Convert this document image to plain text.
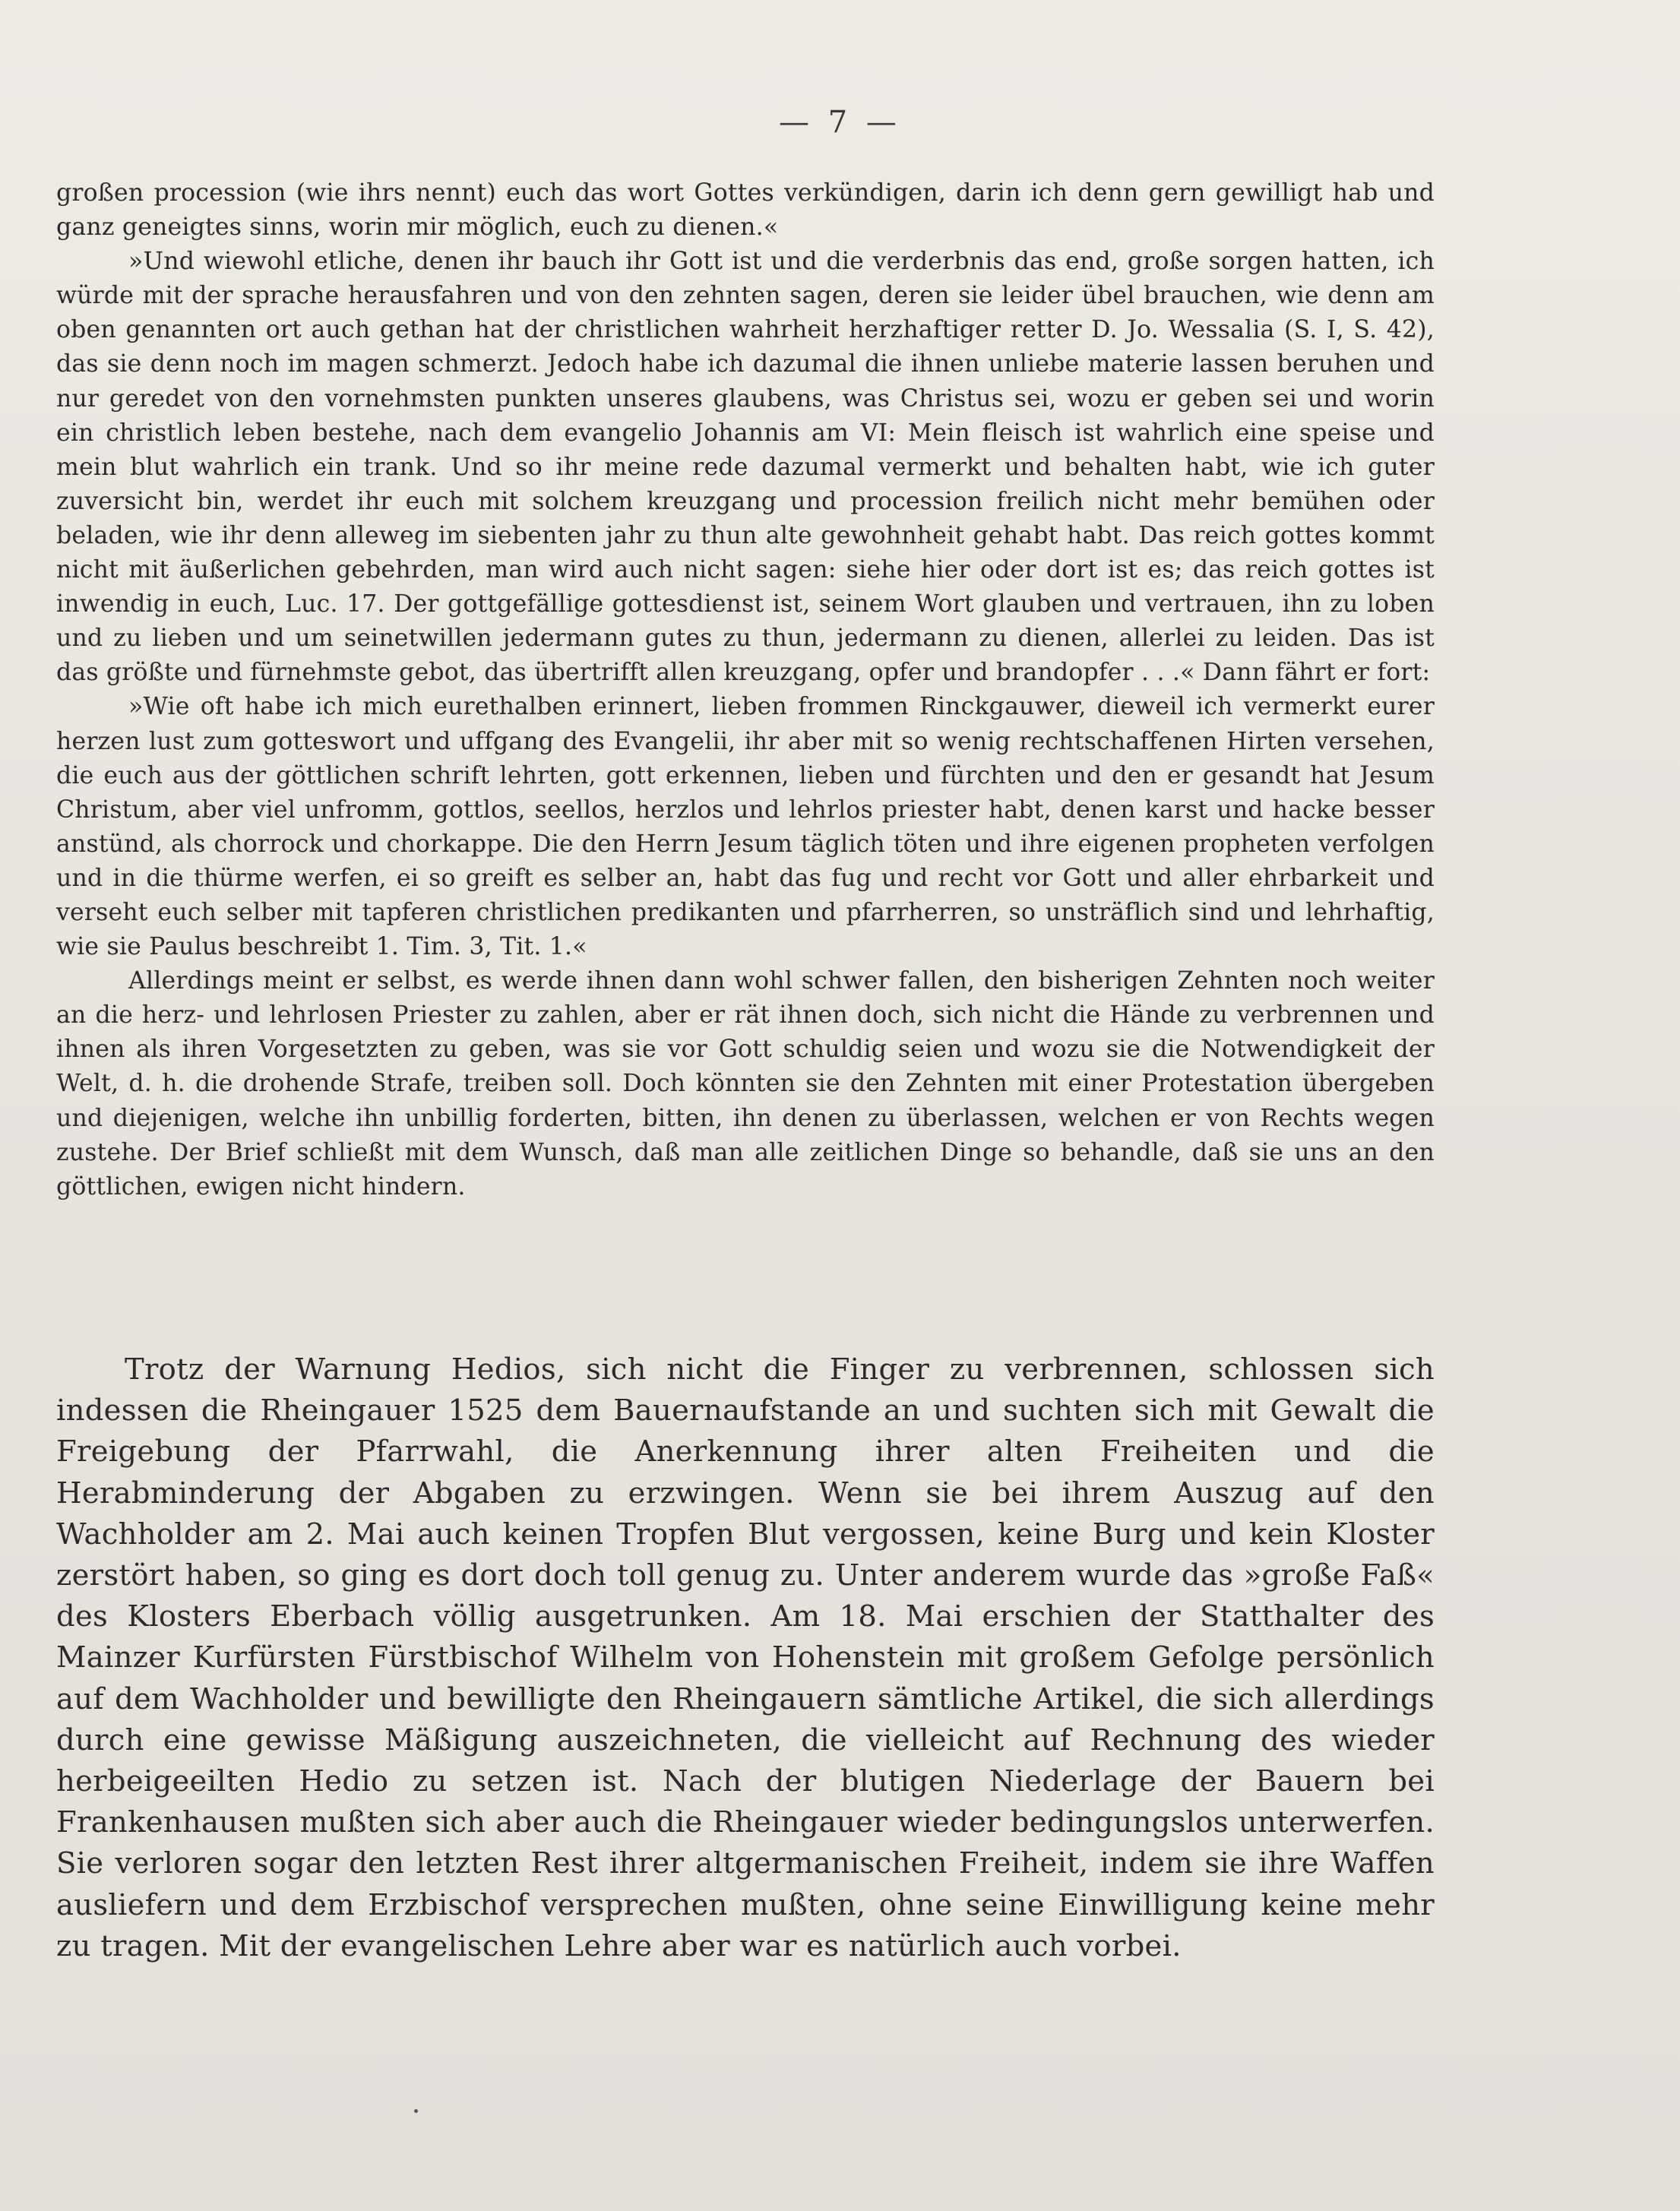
— 7 —

großen procession (wie ihrs nennt) euch das wort Gottes verkündigen, darin ich denn gern gewilligt hab und ganz geneigtes sinns, worin mir möglich, euch zu dienen.«

»Und wiewohl etliche, denen ihr bauch ihr Gott ist und die verderbnis das end, große sorgen hatten, ich würde mit der sprache herausfahren und von den zehnten sagen, deren sie leider übel brauchen, wie denn am oben genannten ort auch gethan hat der christlichen wahrheit herzhaftiger retter D. Jo. Wessalia (S. I, S. 42), das sie denn noch im magen schmerzt. Jedoch habe ich dazumal die ihnen unliebe materie lassen beruhen und nur geredet von den vornehmsten punkten unseres glaubens, was Christus sei, wozu er geben sei und worin ein christlich leben bestehe, nach dem evangelio Johannis am VI: Mein fleisch ist wahrlich eine speise und mein blut wahrlich ein trank. Und so ihr meine rede dazumal vermerkt und behalten habt, wie ich guter zuversicht bin, werdet ihr euch mit solchem kreuzgang und procession freilich nicht mehr bemühen oder beladen, wie ihr denn alleweg im siebenten jahr zu thun alte gewohnheit gehabt habt. Das reich gottes kommt nicht mit äußerlichen gebehrden, man wird auch nicht sagen: siehe hier oder dort ist es; das reich gottes ist inwendig in euch, Luc. 17. Der gottgefällige gottesdienst ist, seinem Wort glauben und vertrauen, ihn zu loben und zu lieben und um seinetwillen jedermann gutes zu thun, jedermann zu dienen, allerlei zu leiden. Das ist das größte und fürnehmste gebot, das übertrifft allen kreuzgang, opfer und brandopfer . . .« Dann fährt er fort:

»Wie oft habe ich mich eurethalben erinnert, lieben frommen Rinckgauwer, dieweil ich vermerkt eurer herzen lust zum gotteswort und uffgang des Evangelii, ihr aber mit so wenig rechtschaffenen Hirten versehen, die euch aus der göttlichen schrift lehrten, gott erkennen, lieben und fürchten und den er gesandt hat Jesum Christum, aber viel unfromm, gottlos, seellos, herzlos und lehrlos priester habt, denen karst und hacke besser anstünd, als chorrock und chorkappe. Die den Herrn Jesum täglich töten und ihre eigenen propheten verfolgen und in die thürme werfen, ei so greift es selber an, habt das fug und recht vor Gott und aller ehrbarkeit und verseht euch selber mit tapferen christlichen predikanten und pfarrherren, so unsträflich sind und lehrhaftig, wie sie Paulus beschreibt 1. Tim. 3, Tit. 1.«

Allerdings meint er selbst, es werde ihnen dann wohl schwer fallen, den bisherigen Zehnten noch weiter an die herz- und lehrlosen Priester zu zahlen, aber er rät ihnen doch, sich nicht die Hände zu verbrennen und ihnen als ihren Vorgesetzten zu geben, was sie vor Gott schuldig seien und wozu sie die Notwendigkeit der Welt, d. h. die drohende Strafe, treiben soll. Doch könnten sie den Zehnten mit einer Protestation übergeben und diejenigen, welche ihn unbillig forderten, bitten, ihn denen zu überlassen, welchen er von Rechts wegen zustehe. Der Brief schließt mit dem Wunsch, daß man alle zeitlichen Dinge so behandle, daß sie uns an den göttlichen, ewigen nicht hindern.

Trotz der Warnung Hedios, sich nicht die Finger zu verbrennen, schlossen sich indessen die Rheingauer 1525 dem Bauernaufstande an und suchten sich mit Gewalt die Freigebung der Pfarrwahl, die Anerkennung ihrer alten Freiheiten und die Herabminderung der Abgaben zu erzwingen. Wenn sie bei ihrem Auszug auf den Wachholder am 2. Mai auch keinen Tropfen Blut vergossen, keine Burg und kein Kloster zerstört haben, so ging es dort doch toll genug zu. Unter anderem wurde das »große Faß« des Klosters Eberbach völlig ausgetrunken. Am 18. Mai erschien der Statthalter des Mainzer Kurfürsten Fürstbischof Wilhelm von Hohenstein mit großem Gefolge persönlich auf dem Wachholder und bewilligte den Rheingauern sämtliche Artikel, die sich allerdings durch eine gewisse Mäßigung auszeichneten, die vielleicht auf Rechnung des wieder herbeigeeilten Hedio zu setzen ist. Nach der blutigen Niederlage der Bauern bei Frankenhausen mußten sich aber auch die Rheingauer wieder bedingungslos unterwerfen. Sie verloren sogar den letzten Rest ihrer altgermanischen Freiheit, indem sie ihre Waffen ausliefern und dem Erzbischof versprechen mußten, ohne seine Einwilligung keine mehr zu tragen. Mit der evangelischen Lehre aber war es natürlich auch vorbei.
